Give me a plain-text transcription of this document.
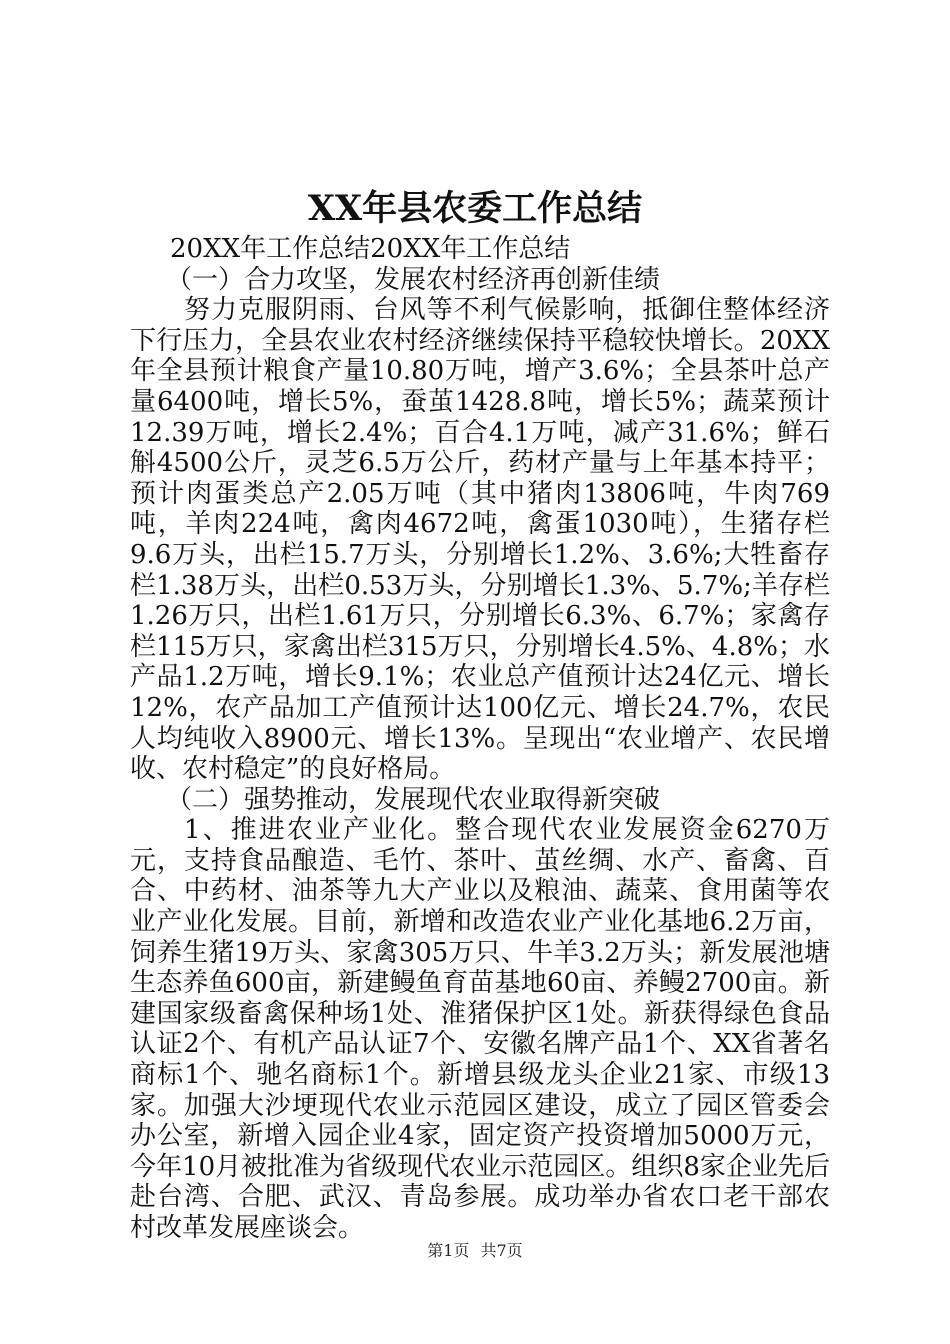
XX年县农委工作总结

20XX年工作总结20XX年工作总结

（一）合力攻坚，发展农村经济再创新佳绩

努力克服阴雨、台风等不利气候影响，抵御住整体经济下行压力，全县农业农村经济继续保持平稳较快增长。20XX年全县预计粮食产量10.80万吨，增产3.6%；全县茶叶总产量6400吨，增长5%，蚕茧1428.8吨，增长5%；蔬菜预计12.39万吨，增长2.4%；百合4.1万吨，减产31.6%；鲜石斛4500公斤，灵芝6.5万公斤，药材产量与上年基本持平；预计肉蛋类总产2.05万吨（其中猪肉13806吨，牛肉769吨，羊肉224吨，禽肉4672吨，禽蛋1030吨），生猪存栏9.6万头，出栏15.7万头，分别增长1.2%、3.6%;大牲畜存栏1.38万头，出栏0.53万头，分别增长1.3%、5.7%;羊存栏1.26万只，出栏1.61万只，分别增长6.3%、6.7%；家禽存栏115万只，家禽出栏315万只，分别增长4.5%、4.8%；水产品1.2万吨，增长9.1%；农业总产值预计达24亿元、增长12%，农产品加工产值预计达100亿元、增长24.7%，农民人均纯收入8900元、增长13%。呈现出“农业增产、农民增收、农村稳定”的良好格局。

（二）强势推动，发展现代农业取得新突破

1、推进农业产业化。整合现代农业发展资金6270万元，支持食品酿造、毛竹、茶叶、茧丝绸、水产、畜禽、百合、中药材、油茶等九大产业以及粮油、蔬菜、食用菌等农业产业化发展。目前，新增和改造农业产业化基地6.2万亩，饲养生猪19万头、家禽305万只、牛羊3.2万头；新发展池塘生态养鱼600亩，新建鳗鱼育苗基地60亩、养鳗2700亩。新建国家级畜禽保种场1处、淮猪保护区1处。新获得绿色食品认证2个、有机产品认证7个、安徽名牌产品1个、XX省著名商标1个、驰名商标1个。新增县级龙头企业21家、市级13家。加强大沙埂现代农业示范园区建设，成立了园区管委会办公室，新增入园企业4家，固定资产投资增加5000万元，今年10月被批准为省级现代农业示范园区。组织8家企业先后赴台湾、合肥、武汉、青岛参展。成功举办省农口老干部农村改革发展座谈会。

第1页 共7页
